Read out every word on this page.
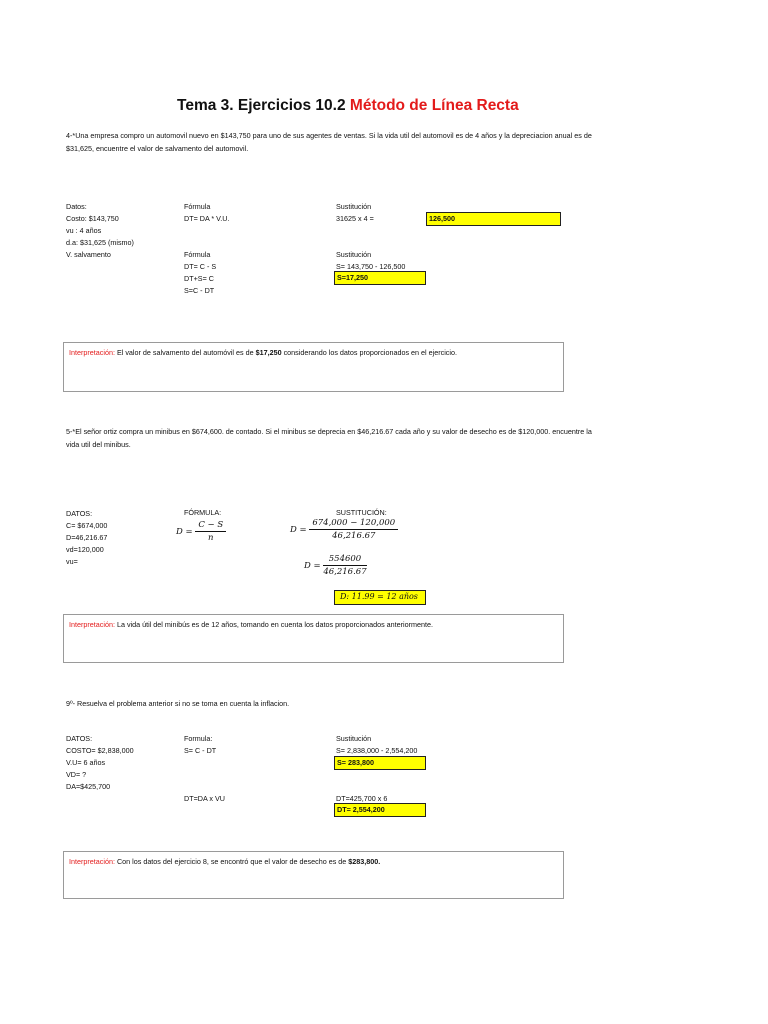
Tema 3. Ejercicios 10.2 Método de Línea Recta
4-*Una empresa compro un automovil nuevo en $143,750 para uno de sus agentes de ventas. Si la vida util del automovil es de 4 años y la depreciacion anual es de $31,625, encuentre el valor de salvamento del automovil.
Datos:
Costo: $143,750
vu : 4 años
d.a: $31,625 (mismo)
V. salvamento
Fórmula
DT= DA * V.U.
Sustitución
31625 x 4 =	126,500
Fórmula
DT= C - S
DT+S= C
S=C - DT
Sustitución
S= 143,750 - 126,500
S=17,250
Interpretación: El valor de salvamento del automóvil es de $17,250 considerando los datos proporcionados en el ejercicio.
5-*El señor ortiz compra un minibus en $674,600. de contado. Si el minibus se deprecia en $46,216.67 cada año y su valor de desecho es de $120,000. encuentre la vida util del minibus.
DATOS:
C= $674,000
D=46,216.67
vd=120,000
vu=
FÓRMULA:
$D = \frac{C - S}{n}$
SUSTITUCIÓN:
$D = \frac{674,000 - 120,000}{46,216.67}$
$D = \frac{554600}{46,216.67}$
D: 11.99 = 12 años
Interpretación: La vida útil del minibús es de 12 años, tomando en cuenta los datos proporcionados anteriormente.
9º- Resuelva el problema anterior si no se toma en cuenta la inflacion.
DATOS:
COSTO= $2,838,000
V.U= 6 años
VD= ?
DA=$425,700
Formula:
S= C - DT
DT=DA x VU
Sustitución
S= 2,838,000 - 2,554,200
S= 283,800
DT=425,700 x 6
DT= 2,554,200
Interpretación: Con los datos del ejercicio 8, se encontró que el valor de desecho es de $283,800.
